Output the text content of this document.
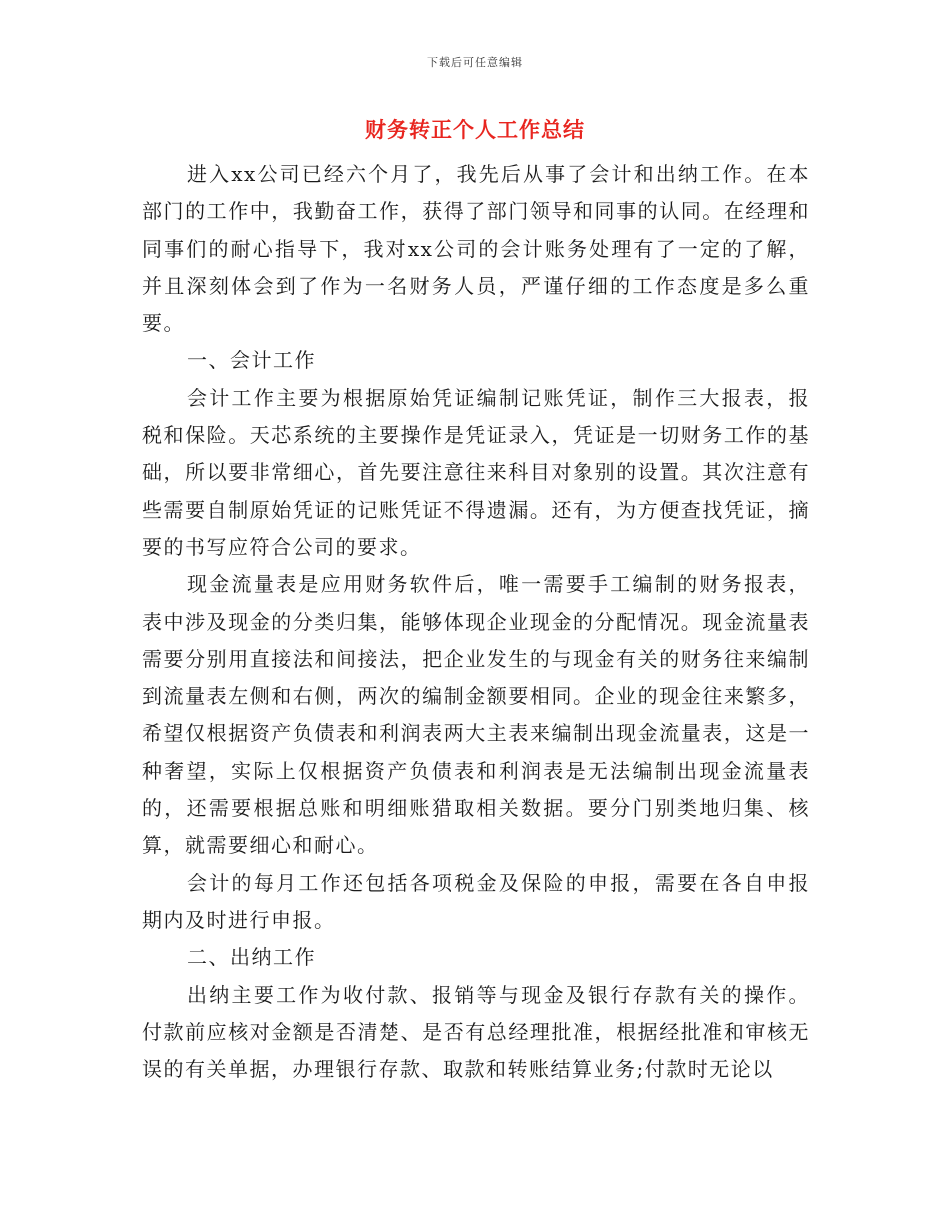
下载后可任意编辑
财务转正个人工作总结

进入xx公司已经六个月了，我先后从事了会计和出纳工作。在本部门的工作中，我勤奋工作，获得了部门领导和同事的认同。在经理和同事们的耐心指导下，我对xx公司的会计账务处理有了一定的了解，并且深刻体会到了作为一名财务人员，严谨仔细的工作态度是多么重要。

一、会计工作

会计工作主要为根据原始凭证编制记账凭证，制作三大报表，报税和保险。天芯系统的主要操作是凭证录入，凭证是一切财务工作的基础，所以要非常细心，首先要注意往来科目对象别的设置。其次注意有些需要自制原始凭证的记账凭证不得遗漏。还有，为方便查找凭证，摘要的书写应符合公司的要求。

现金流量表是应用财务软件后，唯一需要手工编制的财务报表，表中涉及现金的分类归集，能够体现企业现金的分配情况。现金流量表需要分别用直接法和间接法，把企业发生的与现金有关的财务往来编制到流量表左侧和右侧，两次的编制金额要相同。企业的现金往来繁多，希望仅根据资产负债表和利润表两大主表来编制出现金流量表，这是一种奢望，实际上仅根据资产负债表和利润表是无法编制出现金流量表的，还需要根据总账和明细账猎取相关数据。要分门别类地归集、核算，就需要细心和耐心。

会计的每月工作还包括各项税金及保险的申报，需要在各自申报期内及时进行申报。

二、出纳工作

出纳主要工作为收付款、报销等与现金及银行存款有关的操作。付款前应核对金额是否清楚、是否有总经理批准，根据经批准和审核无误的有关单据，办理银行存款、取款和转账结算业务;付款时无论以
